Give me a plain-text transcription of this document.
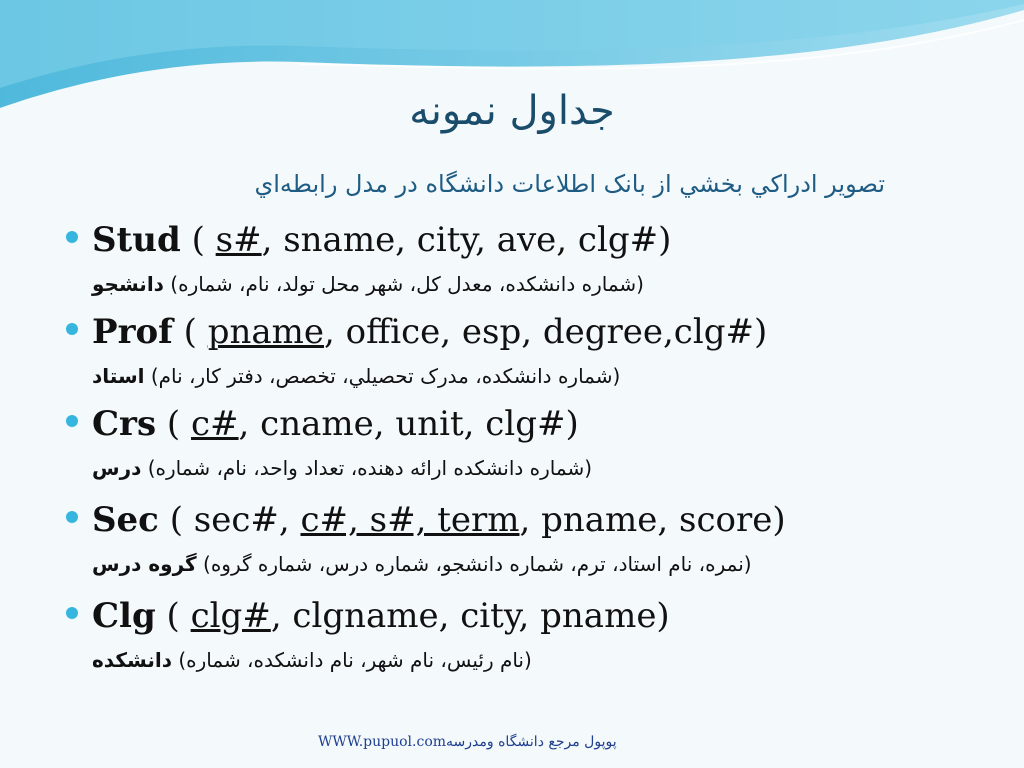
جداول نمونه
تصوير ادراكي بخشي از بانک اطلاعات دانشگاه در مدل رابطه‌اي
Stud ( s#, sname, city, ave, clg#)
(شماره دانشكده، معدل كل، شهر محل تولد، نام، شماره) دانشجو
Prof ( pname, office, esp, degree,clg#)
(شماره دانشكده، مدرک تحصيلي، تخصص، دفتر كار، نام) استاد
Crs ( c#, cname, unit, clg#)
(شماره دانشكده ارائه دهنده، تعداد واحد، نام، شماره) درس
Sec ( sec#, c#, s#, term, pname, score)
(نمره، نام استاد، ترم، شماره دانشجو، شماره درس، شماره گروه) گروه درس
Clg ( clg#, clgname, city, pname)
(نام رئيس، نام شهر، نام دانشكده، شماره) دانشكده
WWW.pupuol.comپوپول مرجع دانشگاه ومدرسه
